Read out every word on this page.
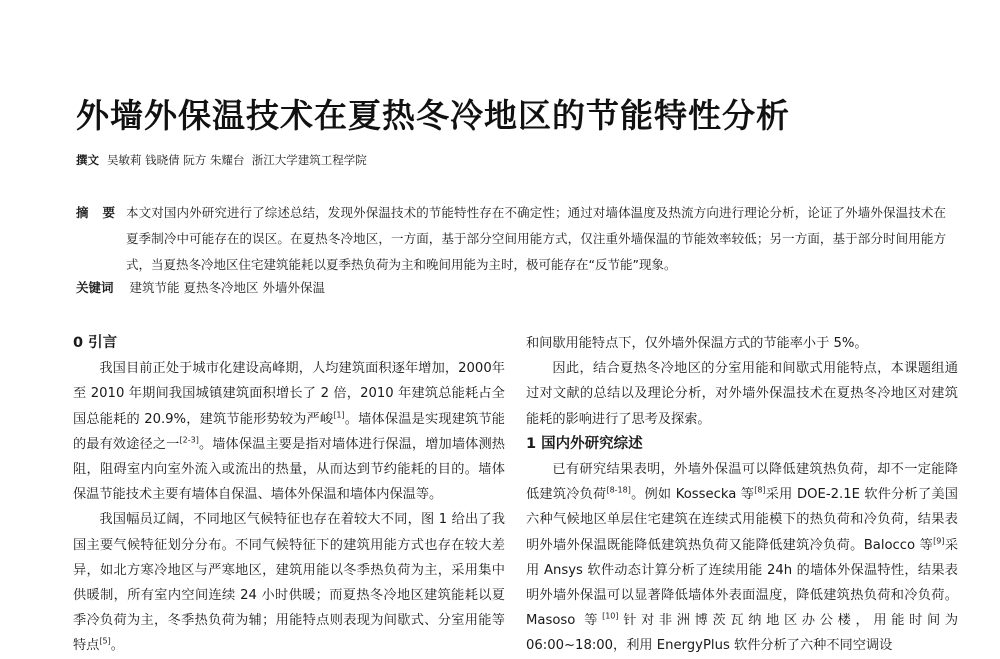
外墙外保温技术在夏热冬冷地区的节能特性分析
撰文 吴敏莉 钱晓倩 阮方 朱耀台 浙江大学建筑工程学院
摘要
本文对国内外研究进行了综述总结，发现外保温技术的节能特性存在不确定性；通过对墙体温度及热流方向进行理论分析，论证了外墙外保温技术在夏季制冷中可能存在的误区。在夏热冬冷地区，一方面，基于部分空间用能方式，仅注重外墙保温的节能效率较低；另一方面，基于部分时间用能方式，当夏热冬冷地区住宅建筑能耗以夏季热负荷为主和晚间用能为主时，极可能存在“反节能”现象。
关键词 建筑节能 夏热冬冷地区 外墙外保温
0 引言

我国目前正处于城市化建设高峰期，人均建筑面积逐年增加，2000年至 2010 年期间我国城镇建筑面积增长了 2 倍，2010 年建筑总能耗占全国总能耗的 20.9%，建筑节能形势较为严峻[1]。墙体保温是实现建筑节能的最有效途径之一[2-3]。墙体保温主要是指对墙体进行保温，增加墙体测热阻，阻碍室内向室外流入或流出的热量，从而达到节约能耗的目的。墙体保温节能技术主要有墙体自保温、墙体外保温和墙体内保温等。

我国幅员辽阔，不同地区气候特征也存在着较大不同，图 1 给出了我国主要气候特征划分分布。不同气候特征下的建筑用能方式也存在较大差异，如北方寒冷地区与严寒地区，建筑用能以冬季热负荷为主，采用集中供暖制，所有室内空间连续 24 小时供暖；而夏热冬冷地区建筑能耗以夏季冷负荷为主，冬季热负荷为辅；用能特点则表现为间歇式、分室用能等特点[5]。

和间歇用能特点下，仅外墙外保温方式的节能率小于 5%。

因此，结合夏热冬冷地区的分室用能和间歇式用能特点，本课题组通过对文献的总结以及理论分析，对外墙外保温技术在夏热冬冷地区对建筑能耗的影响进行了思考及探索。

1 国内外研究综述

已有研究结果表明，外墙外保温可以降低建筑热负荷，却不一定能降低建筑冷负荷[8-18]。例如 Kossecka 等[8]采用 DOE-2.1E 软件分析了美国六种气候地区单层住宅建筑在连续式用能模下的热负荷和冷负荷，结果表明外墙外保温既能降低建筑热负荷又能降低建筑冷负荷。Balocco 等[9]采用 Ansys 软件动态计算分析了连续用能 24h 的墙体外保温特性，结果表明外墙外保温可以显著降低墙体外表面温度，降低建筑热负荷和冷负荷。Masoso 等[10]针对非洲博茨瓦纳地区办公楼，用能时间为 06:00~18:00，利用 EnergyPlus 软件分析了六种不同空调设
